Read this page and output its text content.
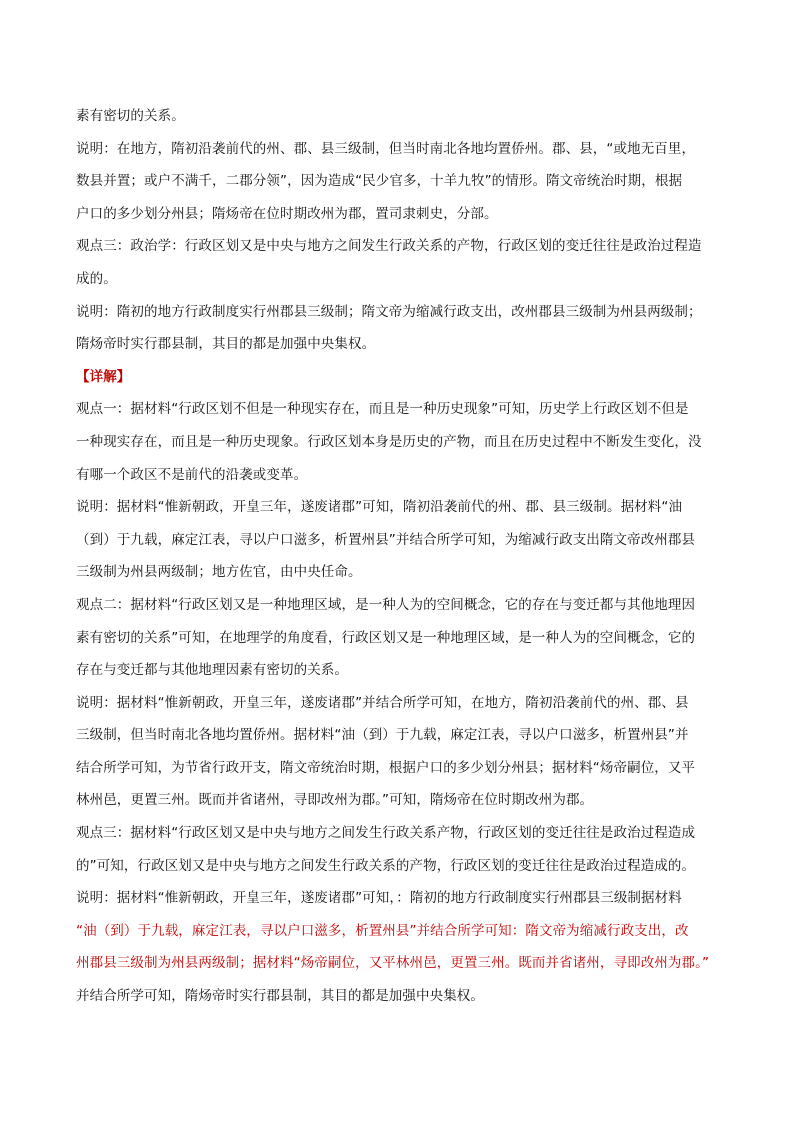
素有密切的关系。
说明：在地方，隋初沿袭前代的州、郡、县三级制，但当时南北各地均置侨州。郡、县，“或地无百里，
数县并置；或户不满千，二郡分领”，因为造成“民少官多，十羊九牧”的情形。隋文帝统治时期，根据
户口的多少划分州县；隋炀帝在位时期改州为郡，置司隶刺史，分部。
观点三：政治学：行政区划又是中央与地方之间发生行政关系的产物，行政区划的变迁往往是政治过程造
成的。
说明：隋初的地方行政制度实行州郡县三级制；隋文帝为缩减行政支出，改州郡县三级制为州县两级制；
隋炀帝时实行郡县制，其目的都是加强中央集权。
【详解】
观点一：据材料“行政区划不但是一种现实存在，而且是一种历史现象”可知，历史学上行政区划不但是
一种现实存在，而且是一种历史现象。行政区划本身是历史的产物，而且在历史过程中不断发生变化，没
有哪一个政区不是前代的沿袭或变革。
说明：据材料“惟新朝政，开皇三年，遂废诸郡”可知，隋初沿袭前代的州、郡、县三级制。据材料“油
（到）于九载，麻定江表，寻以户口滋多，析置州县”并结合所学可知，为缩减行政支出隋文帝改州郡县
三级制为州县两级制；地方佐官，由中央任命。
观点二：据材料“行政区划又是一种地理区域，是一种人为的空间概念，它的存在与变迁都与其他地理因
素有密切的关系”可知，在地理学的角度看，行政区划又是一种地理区域，是一种人为的空间概念，它的
存在与变迁都与其他地理因素有密切的关系。
说明：据材料“惟新朝政，开皇三年，遂废诸郡”并结合所学可知，在地方，隋初沿袭前代的州、郡、县
三级制，但当时南北各地均置侨州。据材料“油（到）于九载，麻定江表，寻以户口滋多，析置州县”并
结合所学可知，为节省行政开支，隋文帝统治时期，根据户口的多少划分州县；据材料“炀帝嗣位，又平
林州邑，更置三州。既而并省诸州，寻即改州为郡。”可知，隋炀帝在位时期改州为郡。
观点三：据材料“行政区划又是中央与地方之间发生行政关系产物，行政区划的变迁往往是政治过程造成
的”可知，行政区划又是中央与地方之间发生行政关系的产物，行政区划的变迁往往是政治过程造成的。
说明：据材料“惟新朝政，开皇三年，遂废诸郡”可知，：隋初的地方行政制度实行州郡县三级制据材料
“油（到）于九载，麻定江表，寻以户口滋多，析置州县”并结合所学可知：隋文帝为缩减行政支出，改
州郡县三级制为州县两级制；据材料“炀帝嗣位，又平林州邑，更置三州。既而并省诸州，寻即改州为郡。”
并结合所学可知，隋炀帝时实行郡县制，其目的都是加强中央集权。
